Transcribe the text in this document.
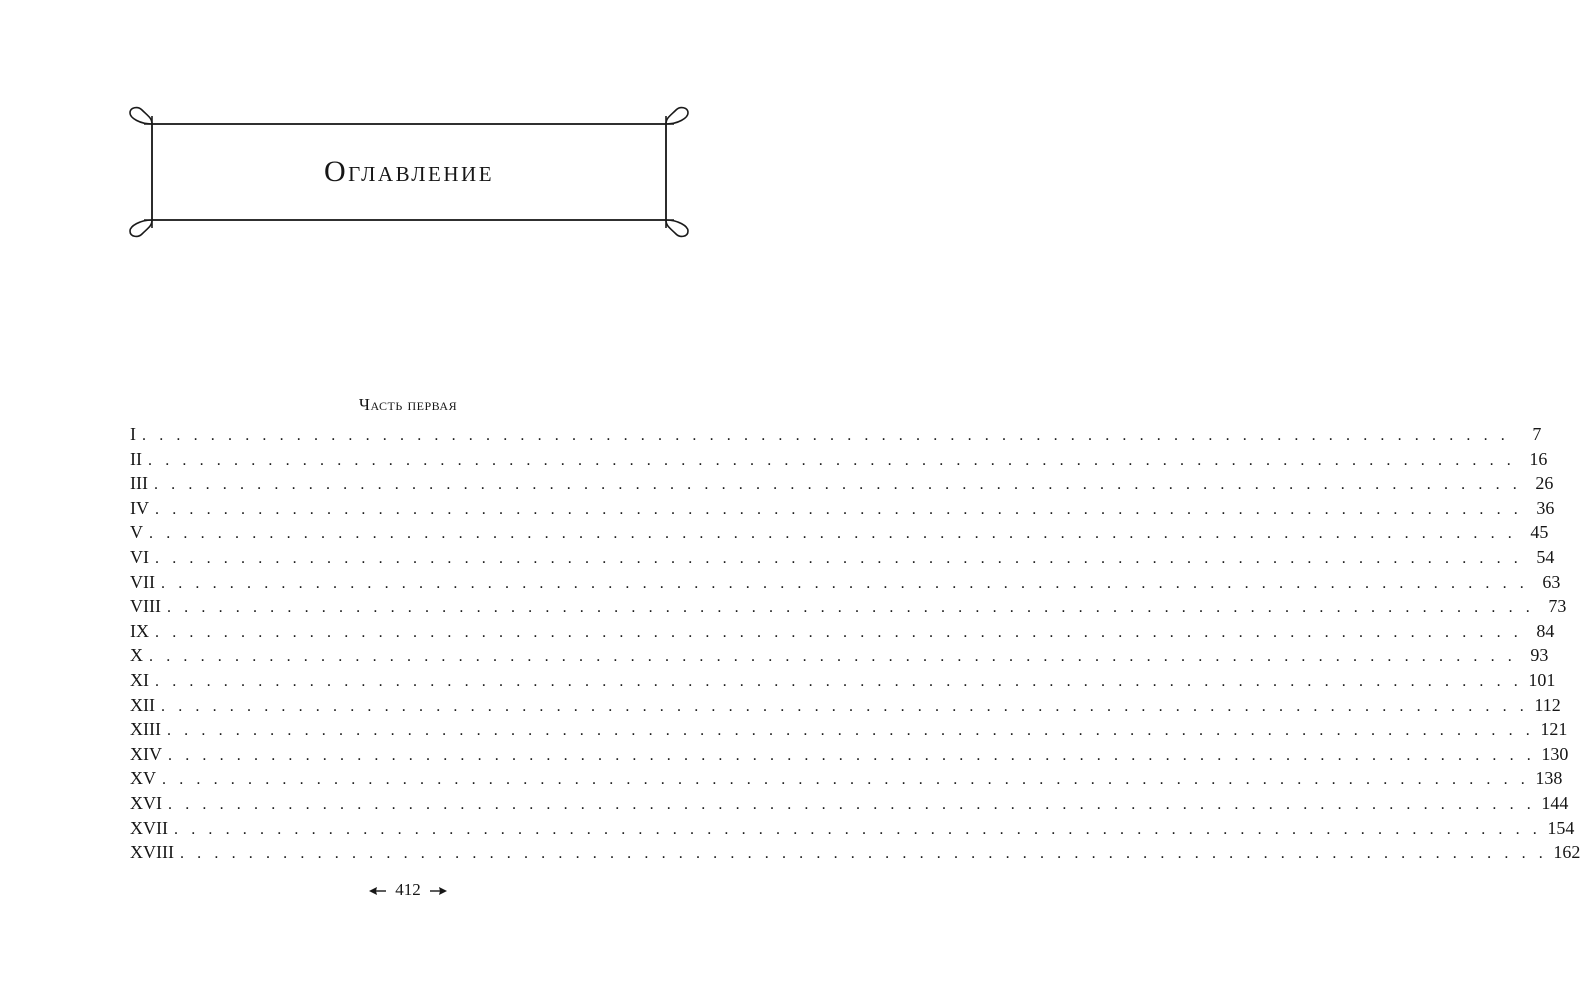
Оглавление
Часть первая
I . . . . . . . . . . . . . . . . . . . . . . . . . . . . . . . . . . . . . . . . . . . . . . . . . . . . . . . . . . . . . . . . . . . . . . . . . . . . . . . .	7
II . . . . . . . . . . . . . . . . . . . . . . . . . . . . . . . . . . . . . . . . . . . . . . . . . . . . . . . . . . . . . . . . . . . . . . . . . . . . . . . . 16
III . . . . . . . . . . . . . . . . . . . . . . . . . . . . . . . . . . . . . . . . . . . . . . . . . . . . . . . . . . . . . . . . . . . . . . . . . . . . . . . . 26
IV . . . . . . . . . . . . . . . . . . . . . . . . . . . . . . . . . . . . . . . . . . . . . . . . . . . . . . . . . . . . . . . . . . . . . . . . . . . . . . . . 36
V . . . . . . . . . . . . . . . . . . . . . . . . . . . . . . . . . . . . . . . . . . . . . . . . . . . . . . . . . . . . . . . . . . . . . . . . . . . . . . . . 45
VI . . . . . . . . . . . . . . . . . . . . . . . . . . . . . . . . . . . . . . . . . . . . . . . . . . . . . . . . . . . . . . . . . . . . . . . . . . . . . . . . 54
VII . . . . . . . . . . . . . . . . . . . . . . . . . . . . . . . . . . . . . . . . . . . . . . . . . . . . . . . . . . . . . . . . . . . . . . . . . . . . . . . . 63
VIII . . . . . . . . . . . . . . . . . . . . . . . . . . . . . . . . . . . . . . . . . . . . . . . . . . . . . . . . . . . . . . . . . . . . . . . . . . . . . . . . 73
IX . . . . . . . . . . . . . . . . . . . . . . . . . . . . . . . . . . . . . . . . . . . . . . . . . . . . . . . . . . . . . . . . . . . . . . . . . . . . . . . . 84
X . . . . . . . . . . . . . . . . . . . . . . . . . . . . . . . . . . . . . . . . . . . . . . . . . . . . . . . . . . . . . . . . . . . . . . . . . . . . . . . . 93
XI . . . . . . . . . . . . . . . . . . . . . . . . . . . . . . . . . . . . . . . . . . . . . . . . . . . . . . . . . . . . . . . . . . . . . . . . . . . . . . . . 101
XII . . . . . . . . . . . . . . . . . . . . . . . . . . . . . . . . . . . . . . . . . . . . . . . . . . . . . . . . . . . . . . . . . . . . . . . . . . . . . . . . 112
XIII . . . . . . . . . . . . . . . . . . . . . . . . . . . . . . . . . . . . . . . . . . . . . . . . . . . . . . . . . . . . . . . . . . . . . . . . . . . . . . . . 121
XIV . . . . . . . . . . . . . . . . . . . . . . . . . . . . . . . . . . . . . . . . . . . . . . . . . . . . . . . . . . . . . . . . . . . . . . . . . . . . . . . . 130
XV . . . . . . . . . . . . . . . . . . . . . . . . . . . . . . . . . . . . . . . . . . . . . . . . . . . . . . . . . . . . . . . . . . . . . . . . . . . . . . . . 138
XVI . . . . . . . . . . . . . . . . . . . . . . . . . . . . . . . . . . . . . . . . . . . . . . . . . . . . . . . . . . . . . . . . . . . . . . . . . . . . . . . . 144
XVII . . . . . . . . . . . . . . . . . . . . . . . . . . . . . . . . . . . . . . . . . . . . . . . . . . . . . . . . . . . . . . . . . . . . . . . . . . . . . . . . 154
XVIII . . . . . . . . . . . . . . . . . . . . . . . . . . . . . . . . . . . . . . . . . . . . . . . . . . . . . . . . . . . . . . . . . . . . . . . . . . . . . . . . 162
412
